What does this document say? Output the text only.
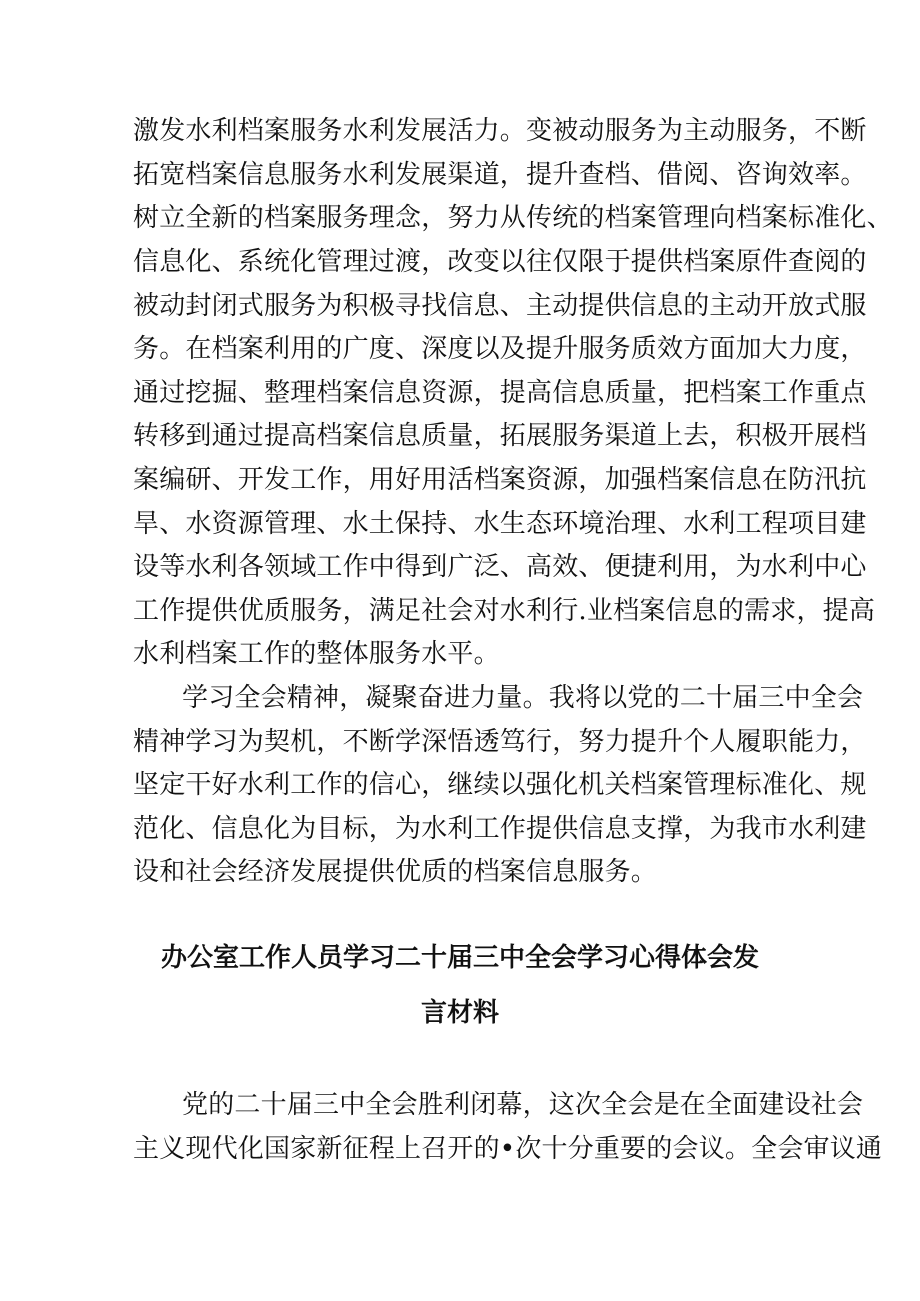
激发水利档案服务水利发展活力。变被动服务为主动服务，不断
拓宽档案信息服务水利发展渠道，提升查档、借阅、咨询效率。
树立全新的档案服务理念，努力从传统的档案管理向档案标准化、
信息化、系统化管理过渡，改变以往仅限于提供档案原件查阅的
被动封闭式服务为积极寻找信息、主动提供信息的主动开放式服
务。在档案利用的广度、深度以及提升服务质效方面加大力度，
通过挖掘、整理档案信息资源，提高信息质量，把档案工作重点
转移到通过提高档案信息质量，拓展服务渠道上去，积极开展档
案编研、开发工作，用好用活档案资源，加强档案信息在防汛抗
旱、水资源管理、水土保持、水生态环境治理、水利工程项目建
设等水利各领域工作中得到广泛、高效、便捷利用，为水利中心
工作提供优质服务，满足社会对水利行.业档案信息的需求，提高
水利档案工作的整体服务水平。
学习全会精神，凝聚奋进力量。我将以党的二十届三中全会
精神学习为契机，不断学深悟透笃行，努力提升个人履职能力，
坚定干好水利工作的信心，继续以强化机关档案管理标准化、规
范化、信息化为目标，为水利工作提供信息支撑，为我市水利建
设和社会经济发展提供优质的档案信息服务。
办公室工作人员学习二十届三中全会学习心得体会发
言材料
党的二十届三中全会胜利闭幕，这次全会是在全面建设社会
主义现代化国家新征程上召开的•次十分重要的会议。全会审议通
